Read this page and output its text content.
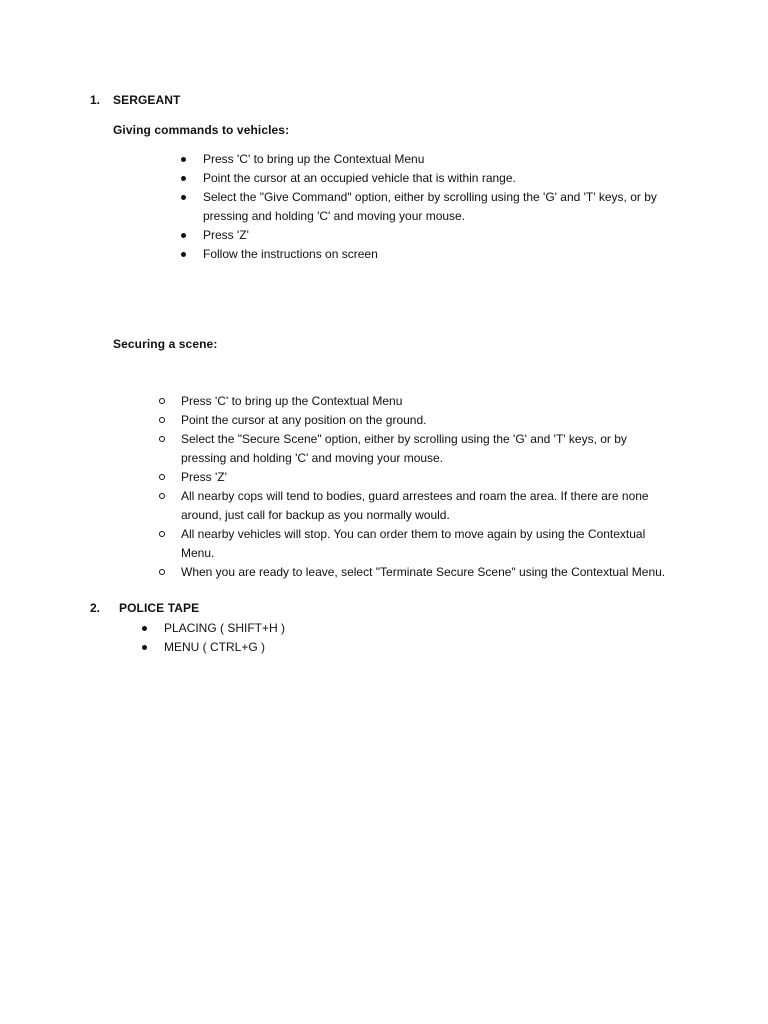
1. SERGEANT
Giving commands to vehicles:
Press 'C' to bring up the Contextual Menu
Point the cursor at an occupied vehicle that is within range.
Select the "Give Command" option, either by scrolling using the 'G' and 'T' keys, or by pressing and holding 'C' and moving your mouse.
Press 'Z'
Follow the instructions on screen
Securing a scene:
Press 'C' to bring up the Contextual Menu
Point the cursor at any position on the ground.
Select the "Secure Scene" option, either by scrolling using the 'G' and 'T' keys, or by pressing and holding 'C' and moving your mouse.
Press 'Z'
All nearby cops will tend to bodies, guard arrestees and roam the area. If there are none around, just call for backup as you normally would.
All nearby vehicles will stop. You can order them to move again by using the Contextual Menu.
When you are ready to leave, select "Terminate Secure Scene" using the Contextual Menu.
2. POLICE TAPE
PLACING ( SHIFT+H )
MENU ( CTRL+G )
